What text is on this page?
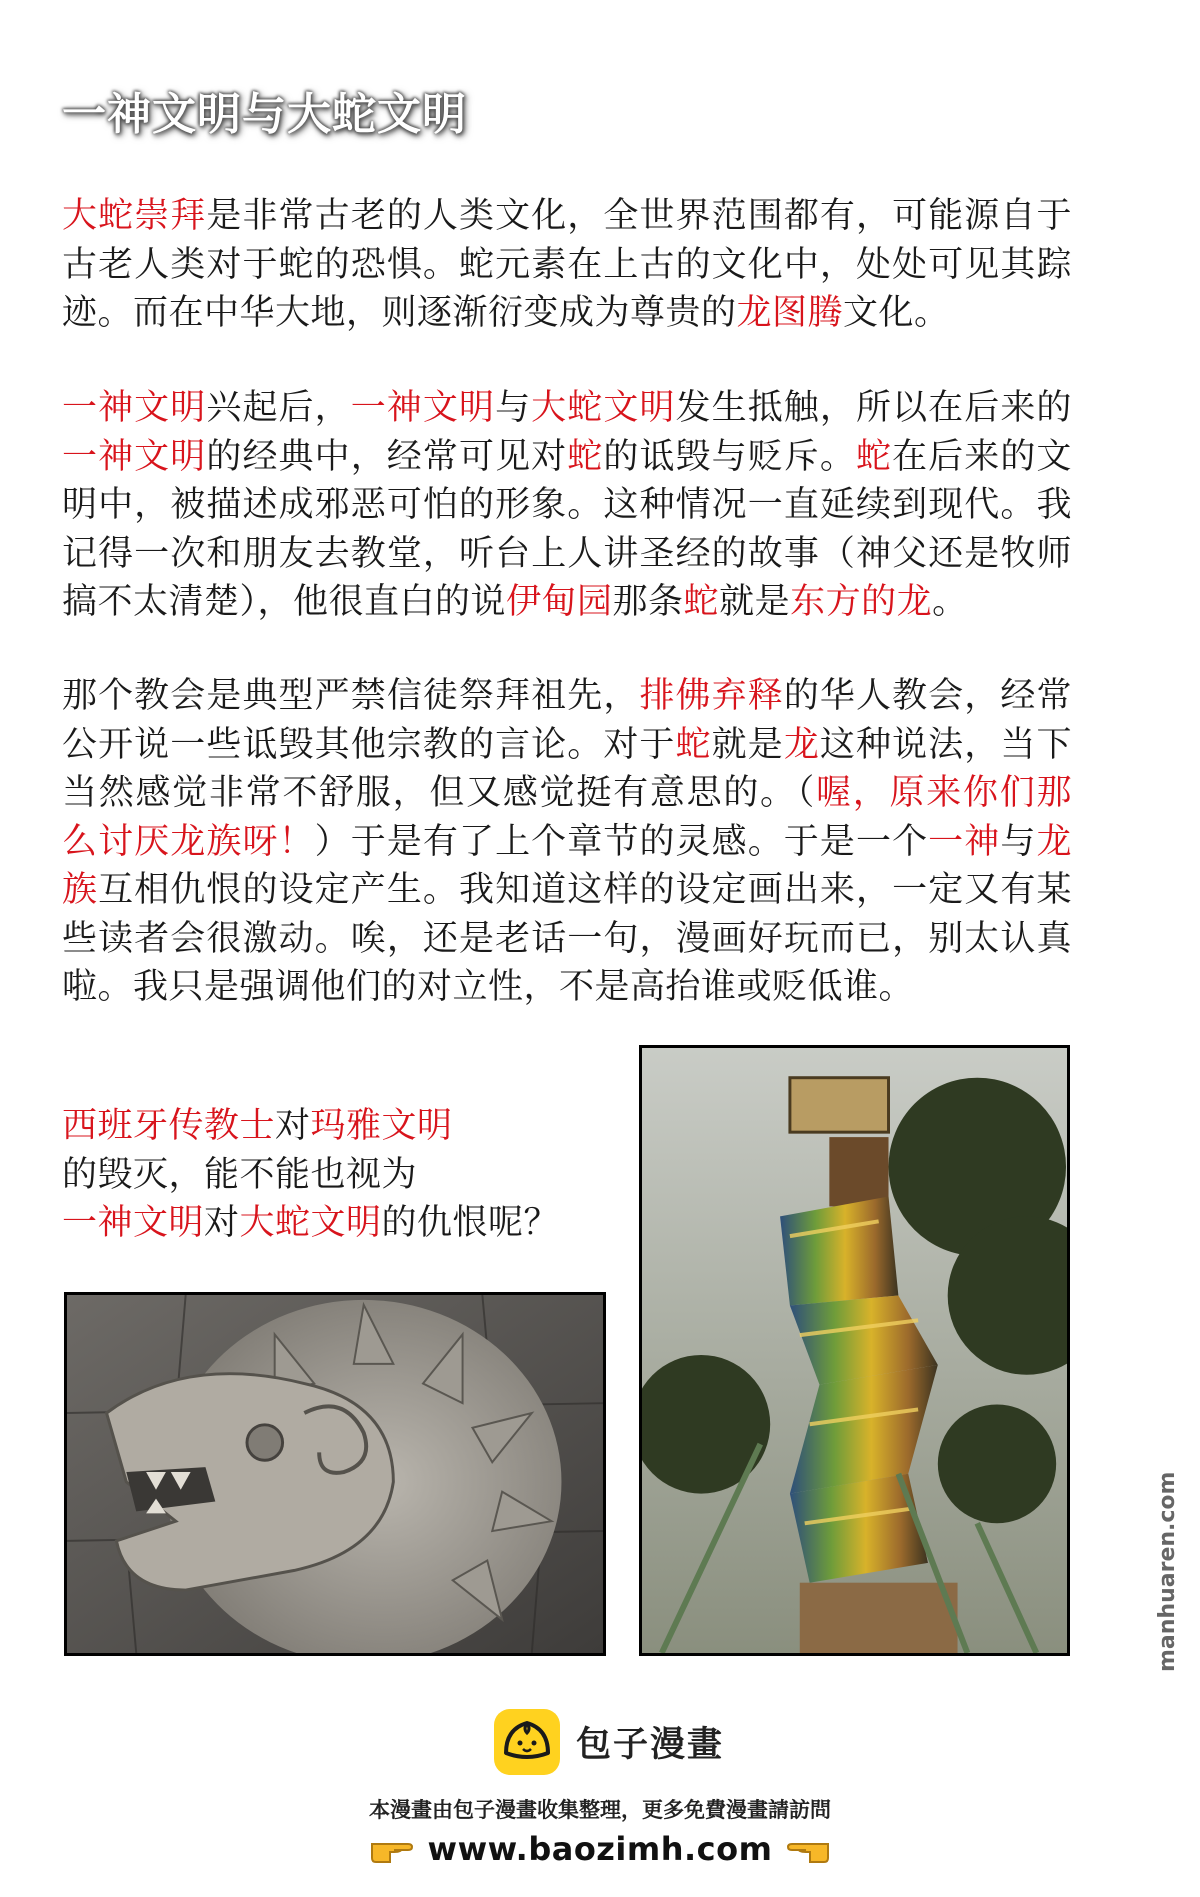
一神文明与大蛇文明

大蛇崇拜是非常古老的人类文化，全世界范围都有，可能源自于古老人类对于蛇的恐惧。蛇元素在上古的文化中，处处可见其踪迹。而在中华大地，则逐渐衍变成为尊贵的龙图腾文化。

一神文明兴起后，一神文明与大蛇文明发生抵触，所以在后来的一神文明的经典中，经常可见对蛇的诋毁与贬斥。蛇在后来的文明中，被描述成邪恶可怕的形象。这种情况一直延续到现代。我记得一次和朋友去教堂，听台上人讲圣经的故事（神父还是牧师搞不太清楚），他很直白的说伊甸园那条蛇就是东方的龙。

那个教会是典型严禁信徒祭拜祖先，排佛弃释的华人教会，经常公开说一些诋毁其他宗教的言论。对于蛇就是龙这种说法，当下当然感觉非常不舒服，但又感觉挺有意思的。（喔，原来你们那么讨厌龙族呀！）于是有了上个章节的灵感。于是一个一神与龙族互相仇恨的设定产生。我知道这样的设定画出来，一定又有某些读者会很激动。唉，还是老话一句，漫画好玩而已，别太认真啦。我只是强调他们的对立性，不是高抬谁或贬低谁。

西班牙传教士对玛雅文明
的毁灭，能不能也视为
一神文明对大蛇文明的仇恨呢？

manhuaren.com
包子漫畫
本漫畫由包子漫畫收集整理，更多免費漫畫請訪問
www.baozimh.com
